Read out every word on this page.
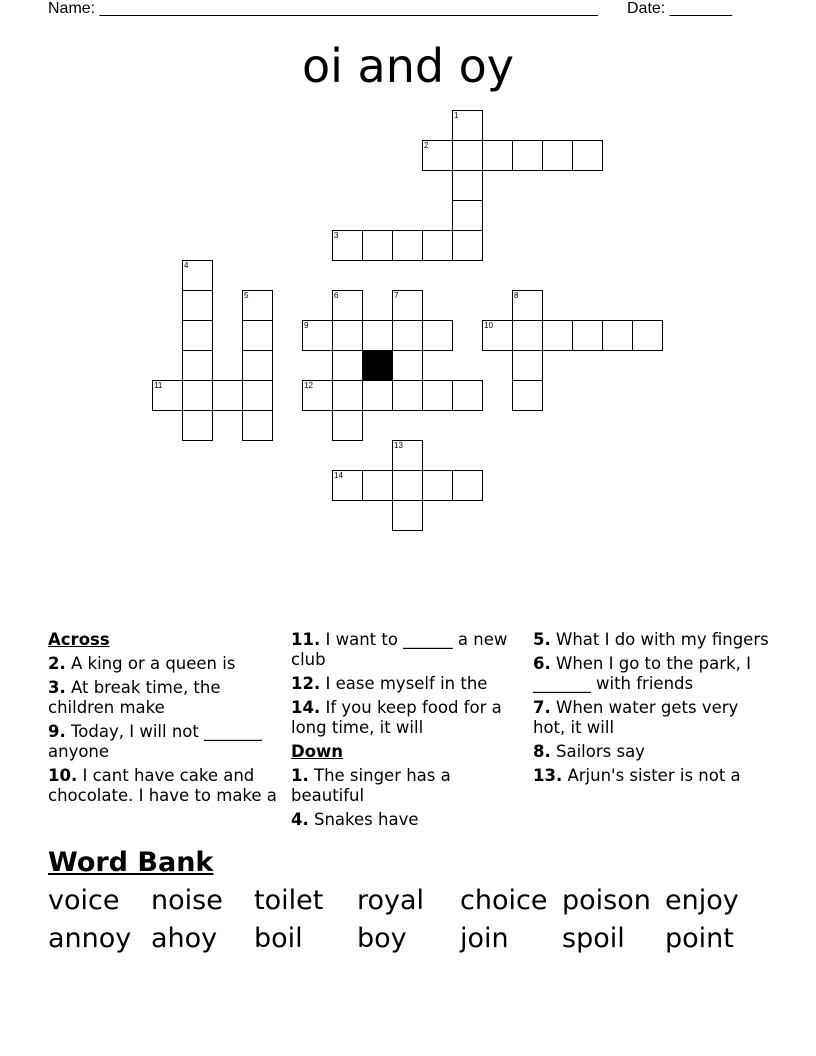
Name: ________________________________________________________ Date: _______
oi and oy
1
2
3
4
5	6	7	8
9	10
11	12
13
14
Across
2. A king or a queen is
3. At break time, the children make
9. Today, I will not _______ anyone
10. I cant have cake and chocolate. I have to make a
11. I want to ______ a new club
12. I ease myself in the
14. If you keep food for a long time, it will
Down
1. The singer has a beautiful
4. Snakes have
5. What I do with my fingers
6. When I go to the park, I _______ with friends
7. When water gets very hot, it will
8. Sailors say
13. Arjun's sister is not a
Word Bank
voice noise toilet royal choice poison enjoy
annoy ahoy boil boy join spoil point
